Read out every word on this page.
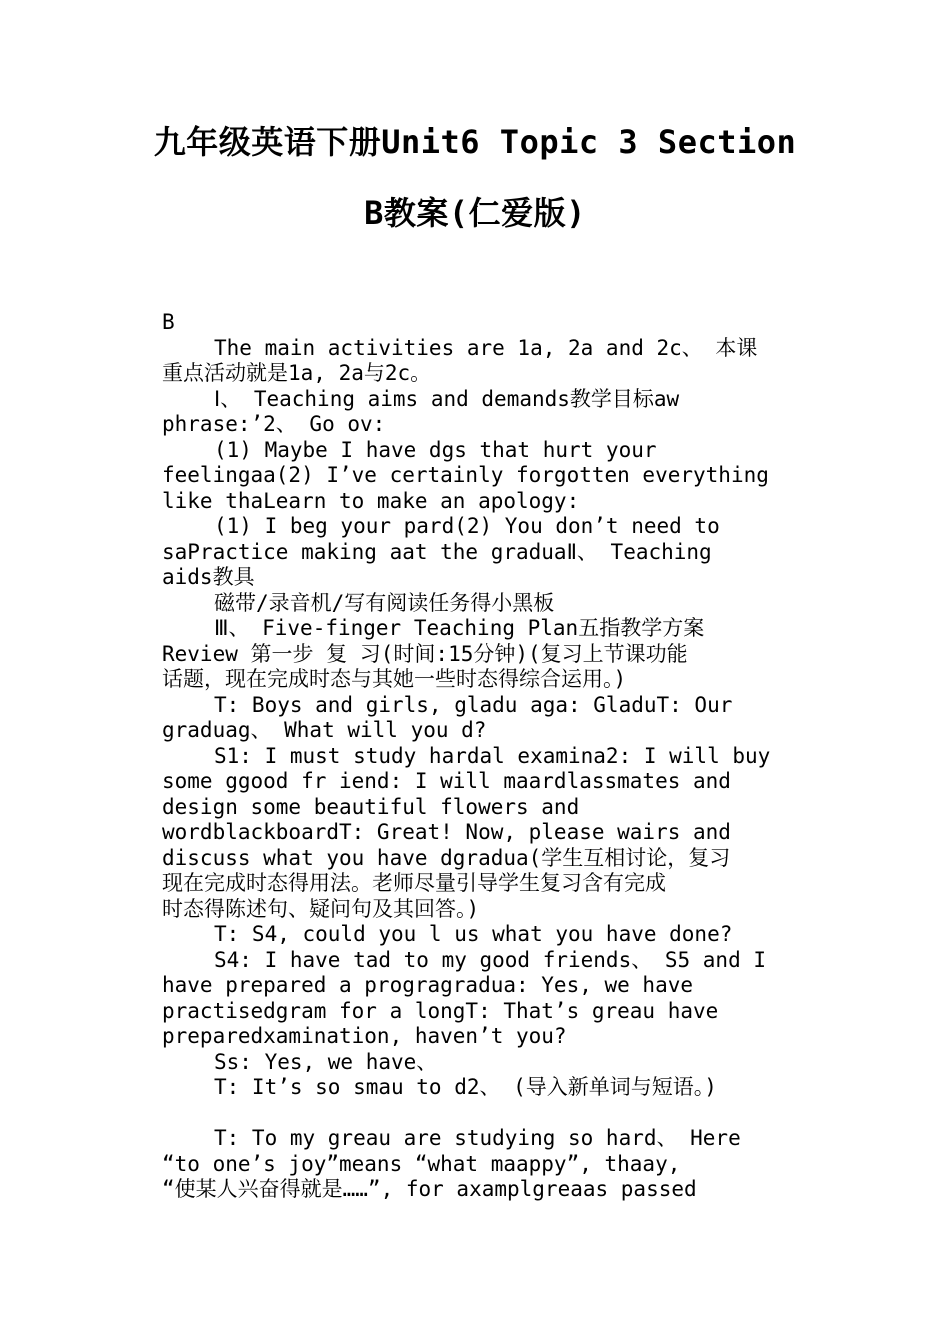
九年级英语下册Unit6 Topic 3 Section
B教案(仁爱版)
B
The main activities are 1a, 2a and 2c、 本课
重点活动就是1a, 2a与2c。
Ⅰ、 Teaching aims and demands教学目标aw
phrase:’2、 Go ov:
(1) Maybe I have dgs that hurt your
feelingaa(2) I’ve certainly forgotten everything
like thaLearn to make an apology:
(1) I beg your pard(2) You don’t need to
saPractice making aat the graduaⅡ、 Teaching
aids教具
磁带/录音机/写有阅读任务得小黑板
Ⅲ、 Five-finger Teaching Plan五指教学方案
Review 第一步 复 习(时间:15分钟)(复习上节课功能
话题，现在完成时态与其她一些时态得综合运用。)
T: Boys and girls, gladu aga: GladuT: Our
graduag、 What will you d?
S1: I must study hardal examina2: I will buy
some ggood fr iend: I will maardlassmates and
design some beautiful flowers and
wordblackboardT: Great! Now, please wairs and
discuss what you have dgradua(学生互相讨论，复习
现在完成时态得用法。老师尽量引导学生复习含有完成
时态得陈述句、疑问句及其回答。)
T: S4, could you l us what you have done?
S4: I have tad to my good friends、 S5 and I
have prepared a progragradua: Yes, we have
practisedgram for a longT: That’s greau have
preparedxamination, haven’t you?
Ss: Yes, we have、
T: It’s so smau to d2、 (导入新单词与短语。)
T: To my greau are studying so hard、 Here
“to one’s joy”means “what maappy”, thaay,
“使某人兴奋得就是……”, for axamplgreaas passed
